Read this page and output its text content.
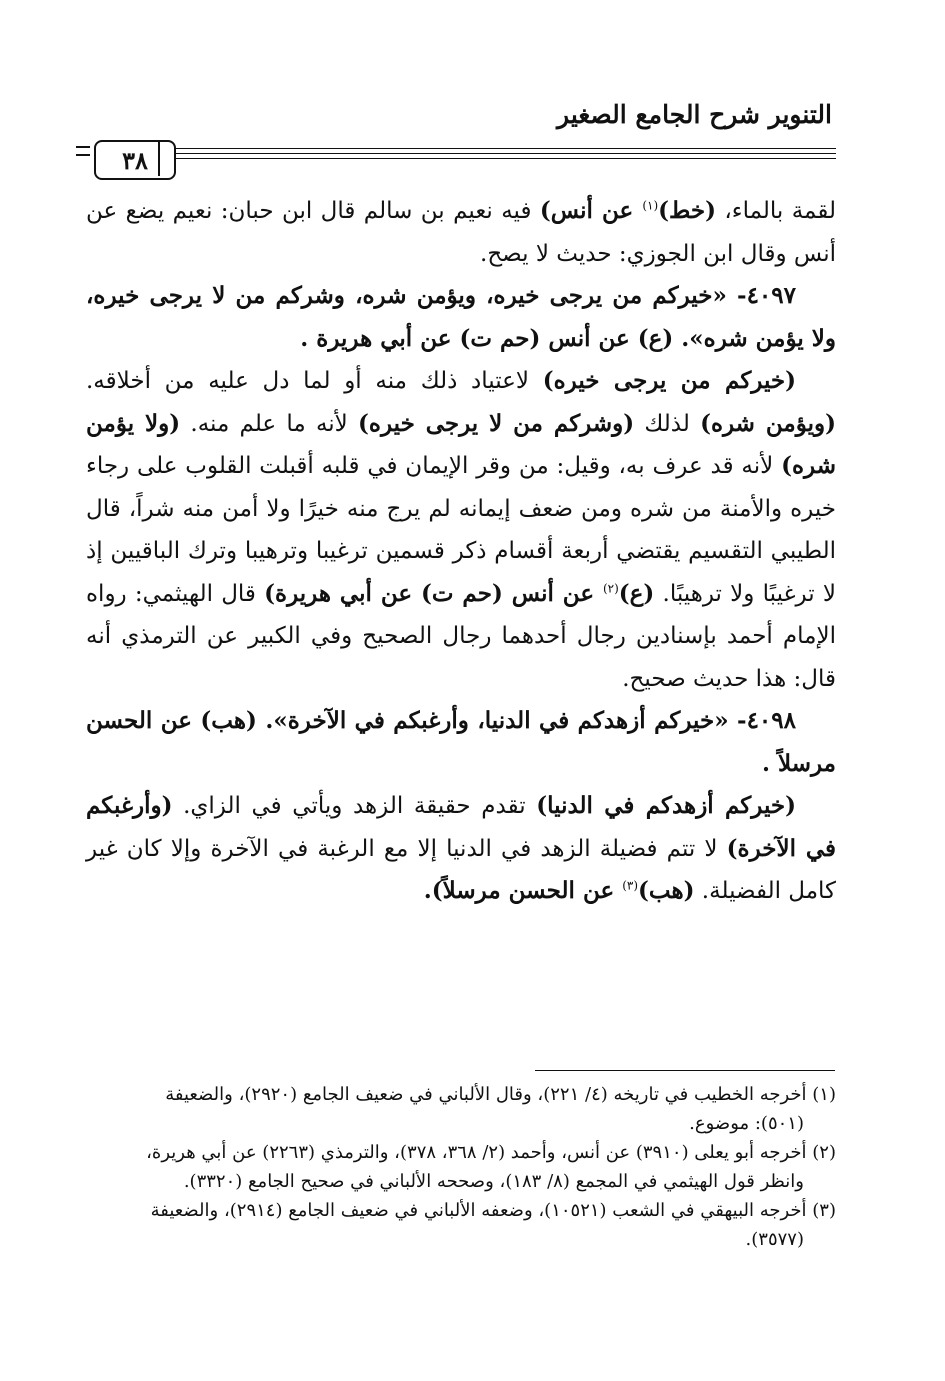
التنوير شرح الجامع الصغير
٣٨

لقمة بالماء، (خط)$^{(١)}$ عن أنس) فيه نعيم بن سالم قال ابن حبان: نعيم يضع عن أنس وقال ابن الجوزي: حديث لا يصح.

٤٠٩٧- «خيركم من يرجى خيره، ويؤمن شره، وشركم من لا يرجى خيره، ولا يؤمن شره». (ع) عن أنس (حم ت) عن أبي هريرة .

(خيركم من يرجى خيره) لاعتياد ذلك منه أو لما دل عليه من أخلاقه. (ويؤمن شره) لذلك (وشركم من لا يرجى خيره) لأنه ما علم منه. (ولا يؤمن شره) لأنه قد عرف به، وقيل: من وقر الإيمان في قلبه أقبلت القلوب على رجاء خيره والأمنة من شره ومن ضعف إيمانه لم يرج منه خيرًا ولا أمن منه شراً، قال الطيبي التقسيم يقتضي أربعة أقسام ذكر قسمين ترغيبا وترهيبا وترك الباقيين إذ لا ترغيبًا ولا ترهيبًا. (ع)$^{(٢)}$ عن أنس (حم ت) عن أبي هريرة) قال الهيثمي: رواه الإمام أحمد بإسنادين رجال أحدهما رجال الصحيح وفي الكبير عن الترمذي أنه قال: هذا حديث صحيح.

٤٠٩٨- «خيركم أزهدكم في الدنيا، وأرغبكم في الآخرة». (هب) عن الحسن مرسلاً .

(خيركم أزهدكم في الدنيا) تقدم حقيقة الزهد ويأتي في الزاي. (وأرغبكم في الآخرة) لا تتم فضيلة الزهد في الدنيا إلا مع الرغبة في الآخرة وإلا كان غير كامل الفضيلة. (هب)$^{(٣)}$ عن الحسن مرسلاً).

(١) أخرجه الخطيب في تاريخه (٤/ ٢٢١)، وقال الألباني في ضعيف الجامع (٢٩٢٠)، والضعيفة

(٥٠١): موضوع.

(٢) أخرجه أبو يعلى (٣٩١٠) عن أنس، وأحمد (٢/ ٣٦٨، ٣٧٨)، والترمذي (٢٢٦٣) عن أبي هريرة،

وانظر قول الهيثمي في المجمع (٨/ ١٨٣)، وصححه الألباني في صحيح الجامع (٣٣٢٠).

(٣) أخرجه البيهقي في الشعب (١٠٥٢١)، وضعفه الألباني في ضعيف الجامع (٢٩١٤)، والضعيفة

(٣٥٧٧).
